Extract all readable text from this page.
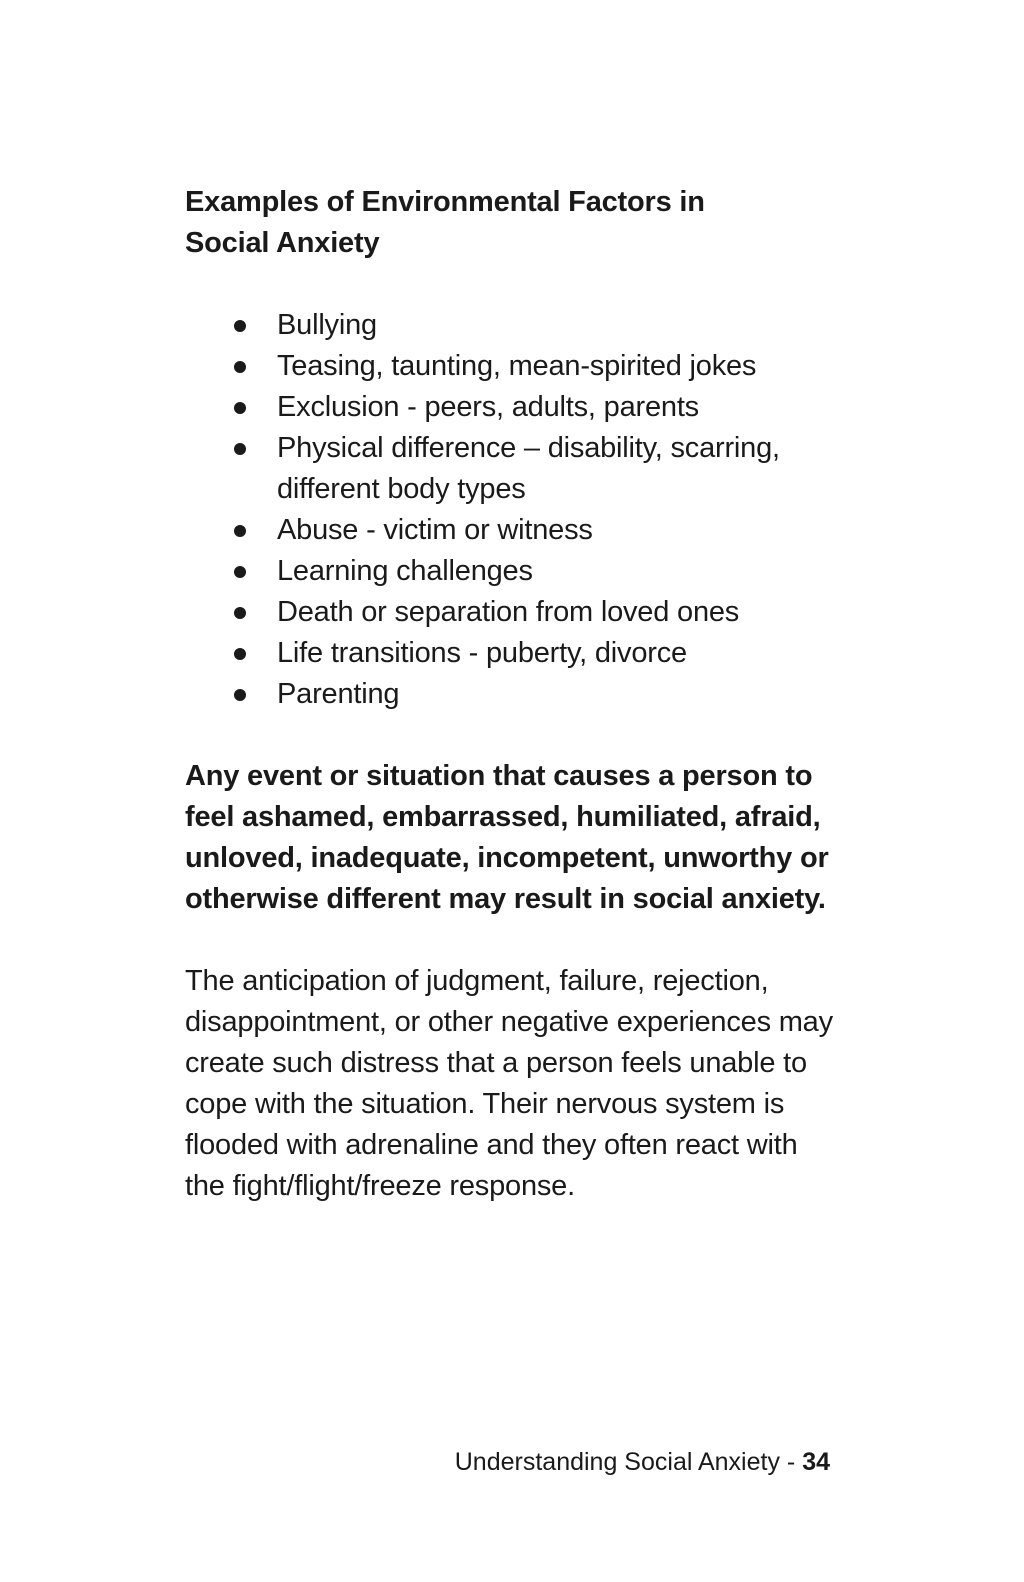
Examples of Environmental Factors in
Social Anxiety
Bullying
Teasing, taunting, mean-spirited jokes
Exclusion - peers, adults, parents
Physical difference – disability, scarring, different body types
Abuse - victim or witness
Learning challenges
Death or separation from loved ones
Life transitions - puberty, divorce
Parenting

Any event or situation that causes a person to feel ashamed, embarrassed, humiliated, afraid, unloved, inadequate, incompetent, unworthy or otherwise different may result in social anxiety.

The anticipation of judgment, failure, rejection, disappointment, or other negative experiences may create such distress that a person feels unable to cope with the situation. Their nervous system is flooded with adrenaline and they often react with the fight/flight/freeze response.

Understanding Social Anxiety - 34
